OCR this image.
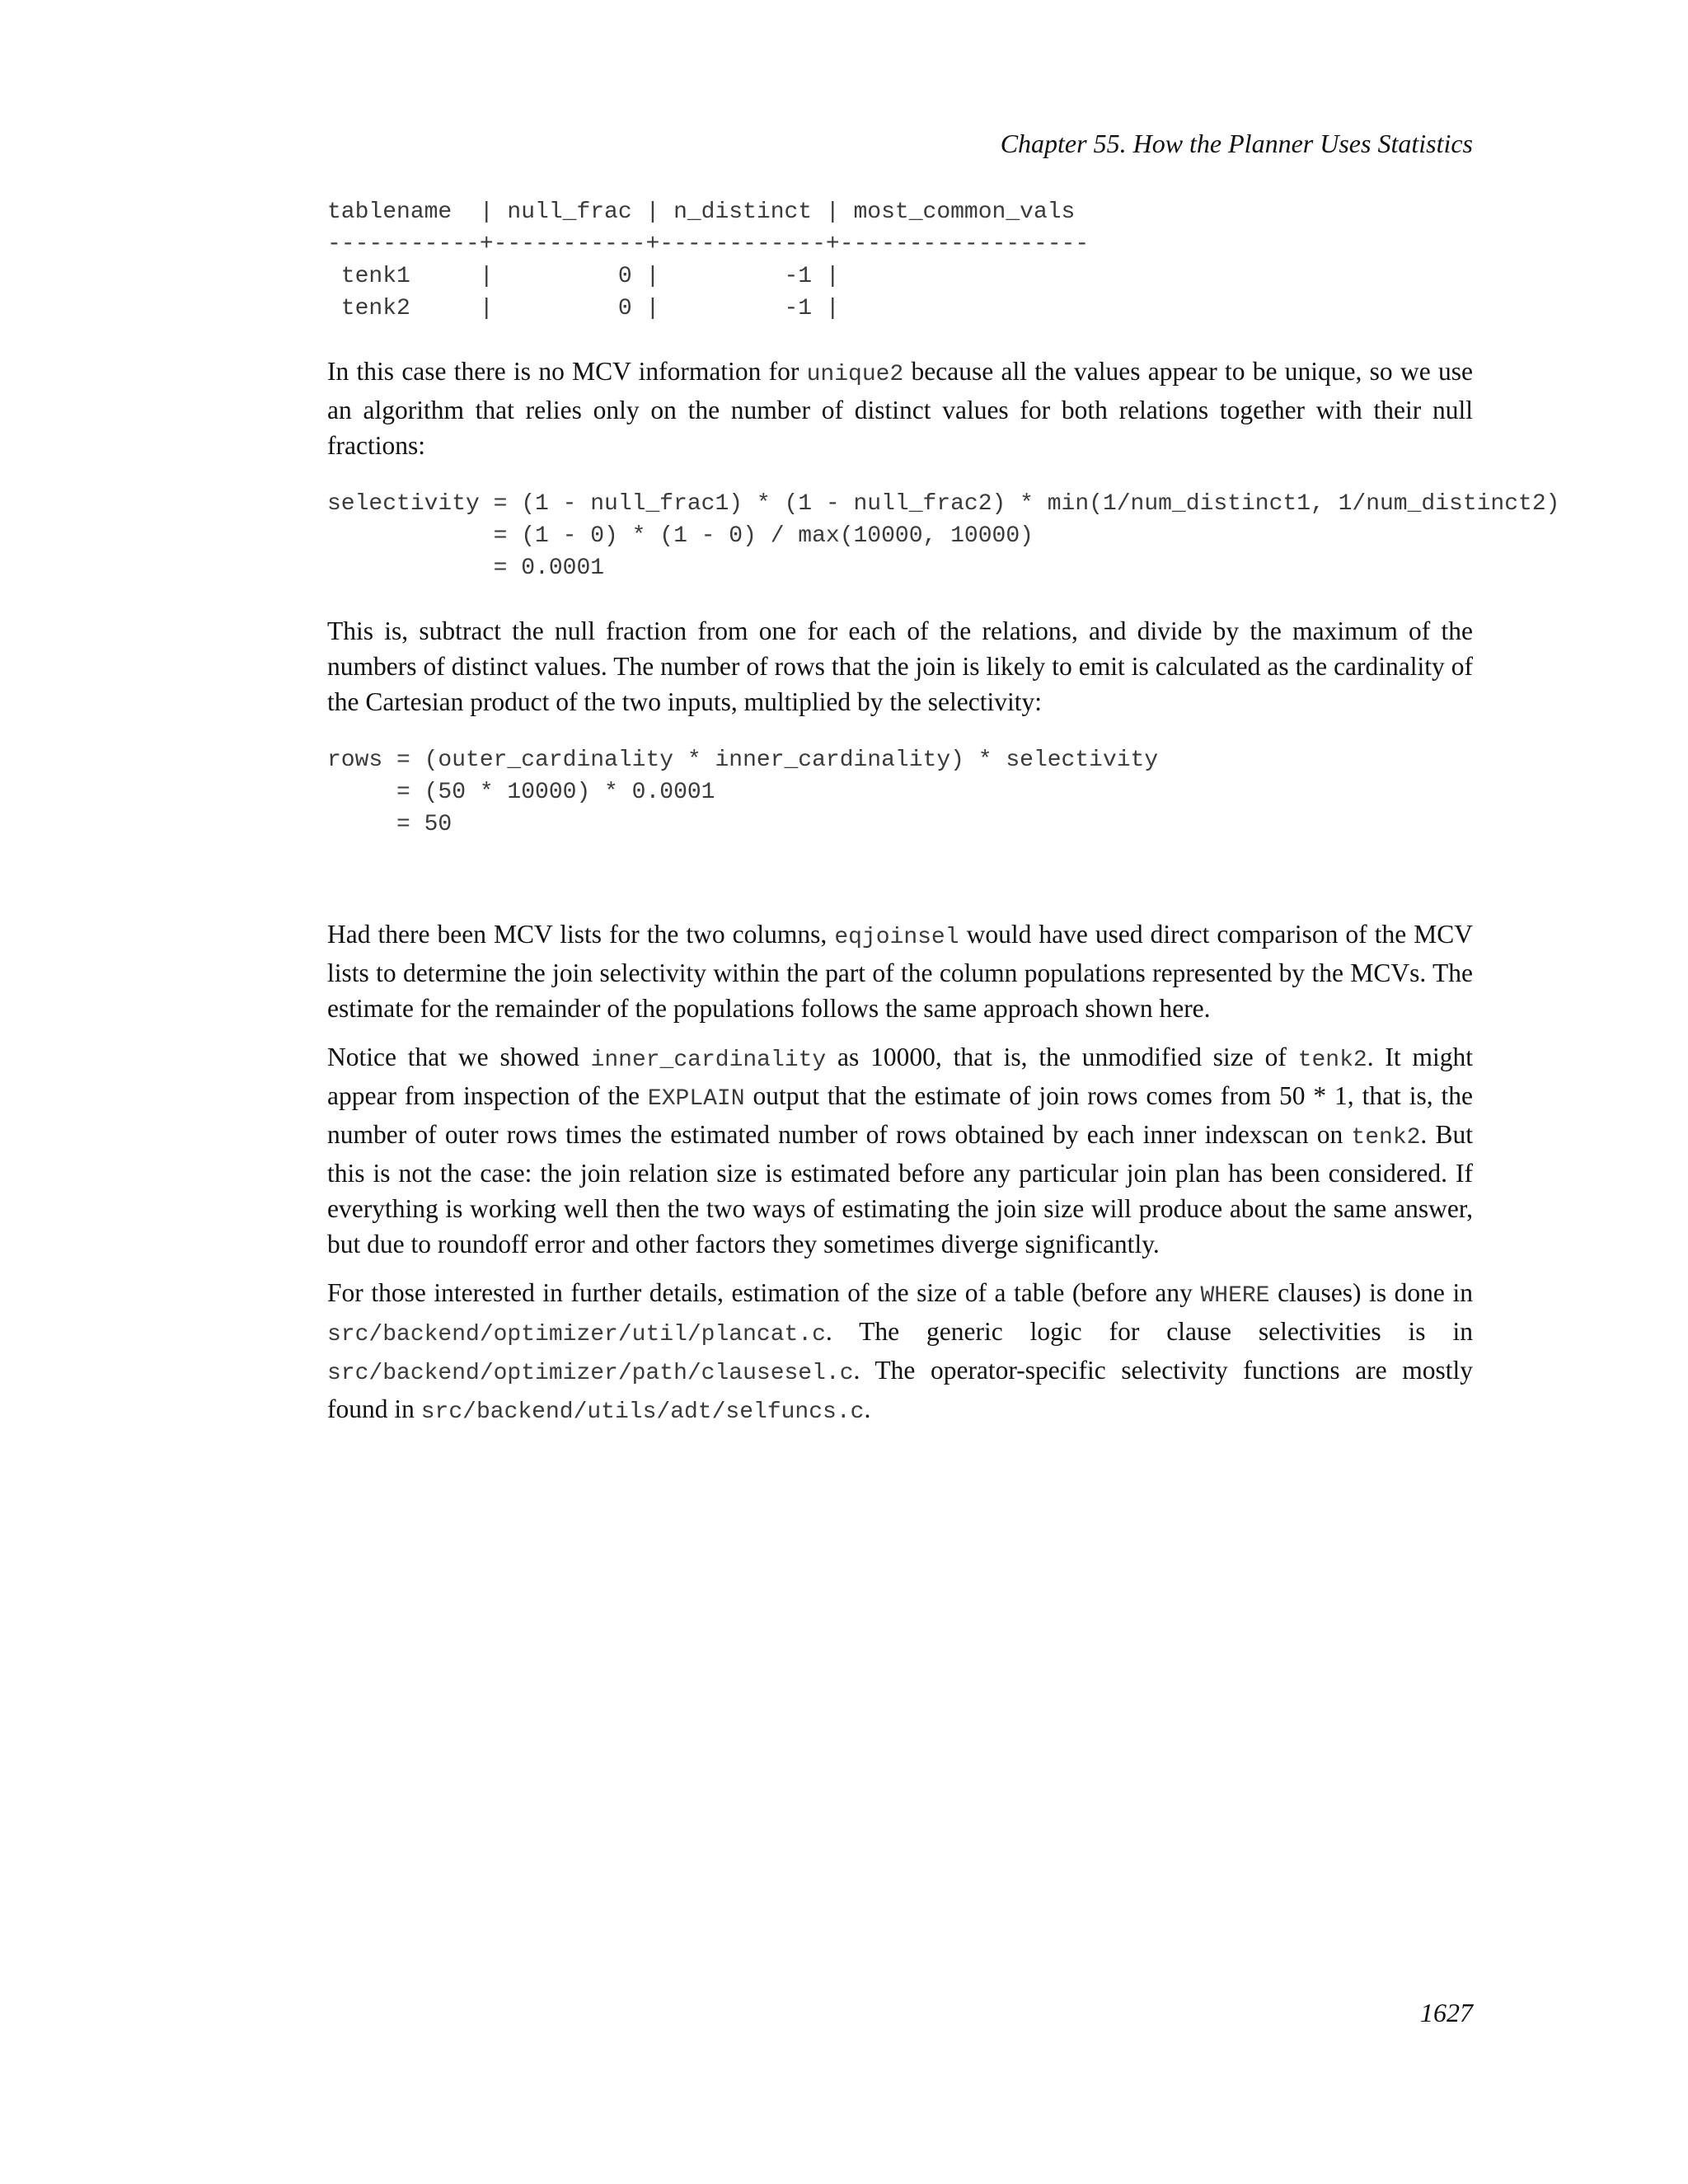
Chapter 55. How the Planner Uses Statistics
tablename  | null_frac | n_distinct | most_common_vals
-----------+-----------+------------+------------------
tenk1     |         0 |         -1 |
tenk2     |         0 |         -1 |

In this case there is no MCV information for unique2 because all the values appear to be unique, so we use an algorithm that relies only on the number of distinct values for both relations together with their null fractions:

selectivity = (1 - null_frac1) * (1 - null_frac2) * min(1/num_distinct1, 1/num_distinct2)
= (1 - 0) * (1 - 0) / max(10000, 10000)
= 0.0001

This is, subtract the null fraction from one for each of the relations, and divide by the maximum of the numbers of distinct values. The number of rows that the join is likely to emit is calculated as the cardinality of the Cartesian product of the two inputs, multiplied by the selectivity:

rows = (outer_cardinality * inner_cardinality) * selectivity
= (50 * 10000) * 0.0001
= 50

Had there been MCV lists for the two columns, eqjoinsel would have used direct comparison of the MCV lists to determine the join selectivity within the part of the column populations represented by the MCVs. The estimate for the remainder of the populations follows the same approach shown here.

Notice that we showed inner_cardinality as 10000, that is, the unmodified size of tenk2. It might appear from inspection of the EXPLAIN output that the estimate of join rows comes from 50 * 1, that is, the number of outer rows times the estimated number of rows obtained by each inner indexscan on tenk2. But this is not the case: the join relation size is estimated before any particular join plan has been considered. If everything is working well then the two ways of estimating the join size will produce about the same answer, but due to roundoff error and other factors they sometimes diverge significantly.

For those interested in further details, estimation of the size of a table (before any WHERE clauses) is done in src/backend/optimizer/util/plancat.c. The generic logic for clause selectivities is in src/backend/optimizer/path/clausesel.c. The operator-specific selectivity functions are mostly found in src/backend/utils/adt/selfuncs.c.

1627
